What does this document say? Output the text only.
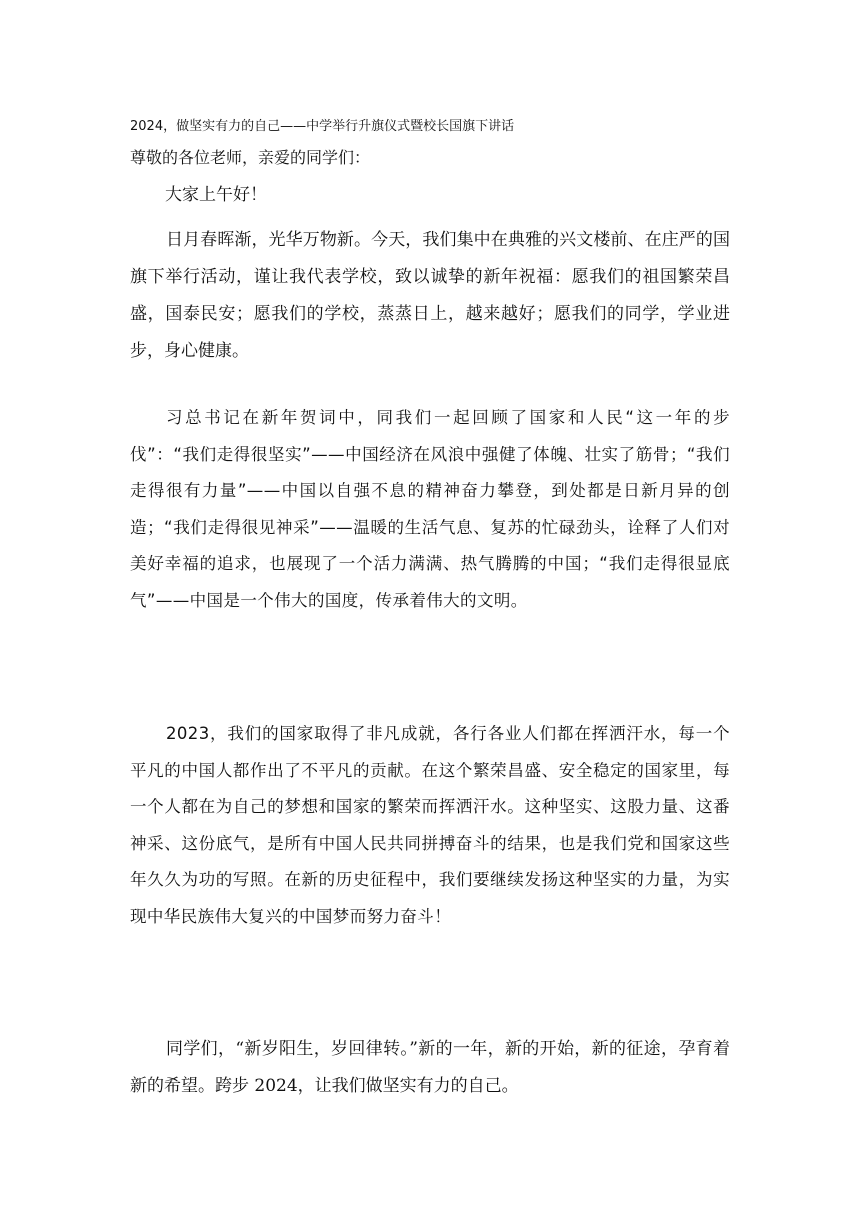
2024，做坚实有力的自己——中学举行升旗仪式暨校长国旗下讲话
尊敬的各位老师，亲爱的同学们：
大家上午好！

日月春晖渐，光华万物新。今天，我们集中在典雅的兴文楼前、在庄严的国旗下举行活动，谨让我代表学校，致以诚挚的新年祝福：愿我们的祖国繁荣昌盛，国泰民安；愿我们的学校，蒸蒸日上，越来越好；愿我们的同学，学业进步，身心健康。

习总书记在新年贺词中，同我们一起回顾了国家和人民“这一年的步伐”：“我们走得很坚实”——中国经济在风浪中强健了体魄、壮实了筋骨；“我们走得很有力量”——中国以自强不息的精神奋力攀登，到处都是日新月异的创造；“我们走得很见神采”——温暖的生活气息、复苏的忙碌劲头，诠释了人们对美好幸福的追求，也展现了一个活力满满、热气腾腾的中国；“我们走得很显底气”——中国是一个伟大的国度，传承着伟大的文明。

2023，我们的国家取得了非凡成就，各行各业人们都在挥洒汗水，每一个平凡的中国人都作出了不平凡的贡献。在这个繁荣昌盛、安全稳定的国家里，每一个人都在为自己的梦想和国家的繁荣而挥洒汗水。这种坚实、这股力量、这番神采、这份底气，是所有中国人民共同拼搏奋斗的结果，也是我们党和国家这些年久久为功的写照。在新的历史征程中，我们要继续发扬这种坚实的力量，为实现中华民族伟大复兴的中国梦而努力奋斗！

同学们，“新岁阳生，岁回律转。”新的一年，新的开始，新的征途，孕育着新的希望。跨步 2024，让我们做坚实有力的自己。
